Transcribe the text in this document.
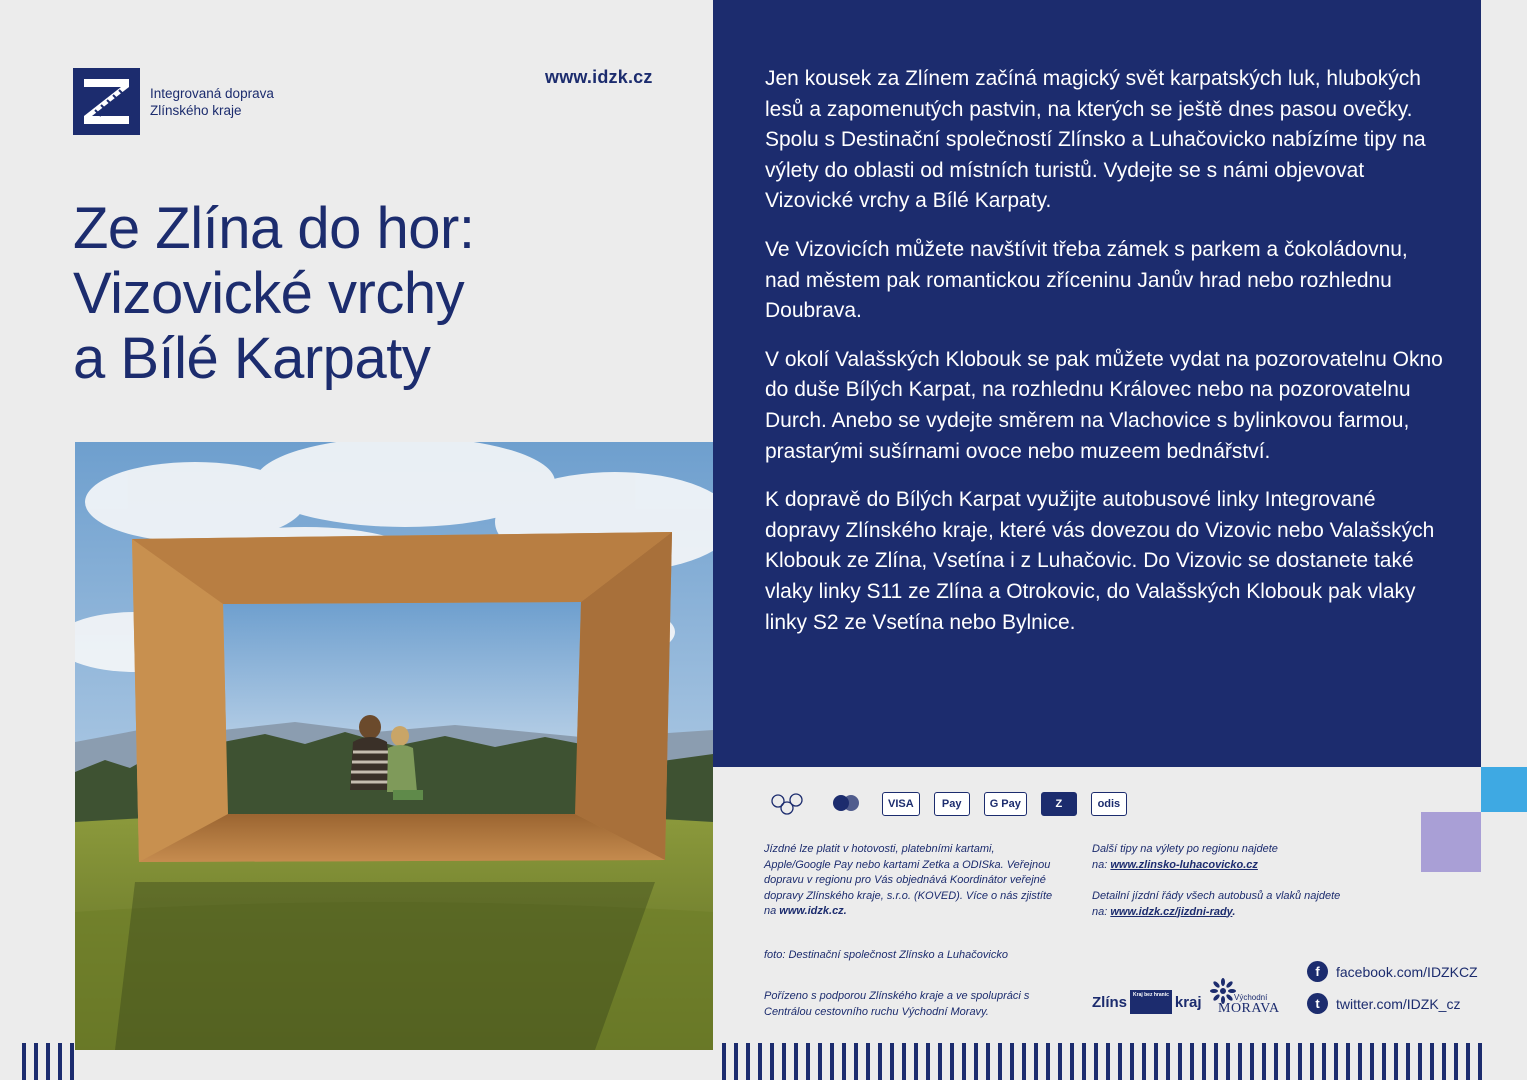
Integrovaná doprava
Zlínského kraje
www.idzk.cz
Ze Zlína do hor:
Vizovické vrchy
a Bílé Karpaty

Jen kousek za Zlínem začíná magický svět karpatských luk, hlubokých lesů a zapomenutých pastvin, na kterých se ještě dnes pasou ovečky. Spolu s Destinační společností Zlínsko a Luhačovicko nabízíme tipy na výlety do oblasti od místních turistů. Vydejte se s námi objevovat Vizovické vrchy a Bílé Karpaty.

Ve Vizovicích můžete navštívit třeba zámek s parkem a čokoládovnu, nad městem pak romantickou zříceninu Janův hrad nebo rozhlednu Doubrava.

V okolí Valašských Klobouk se pak můžete vydat na pozorovatelnu Okno do duše Bílých Karpat, na rozhlednu Královec nebo na pozorovatelnu Durch. Anebo se vydejte směrem na Vlachovice s bylinkovou farmou, prastarými sušírnami ovoce nebo muzeem bednářství.

K dopravě do Bílých Karpat využijte autobusové linky Integrované dopravy Zlínského kraje, které vás dovezou do Vizovic nebo Valašských Klobouk ze Zlína, Vsetína i z Luhačovic. Do Vizovic se dostanete také vlaky linky S11 ze Zlína a Otrokovic, do Valašských Klobouk pak vlaky linky S2 ze Vsetína nebo Bylnice.

VISA	Pay	G Pay	Z	odis
Jízdné lze platit v hotovosti, platebními kartami, Apple/Google Pay nebo kartami Zetka a ODISka. Veřejnou dopravu v regionu pro Vás objednává Koordinátor veřejné dopravy Zlínského kraje, s.r.o. (KOVED). Více o nás zjistíte na www.idzk.cz.
foto: Destinační společnost Zlínsko a Luhačovicko
Pořízeno s podporou Zlínského kraje a ve spolupráci s Centrálou cestovního ruchu Východní Moravy.
Další tipy na výlety po regionu najdete
na: www.zlinsko-luhacovicko.cz
Detailní jízdní řády všech autobusů a vlaků najdete
na: www.idzk.cz/jizdni-rady.
Zlíns	Kraj bez hranic kraj	Východní
MORAVA
f	facebook.com/IDZKCZ
t	twitter.com/IDZK_cz
